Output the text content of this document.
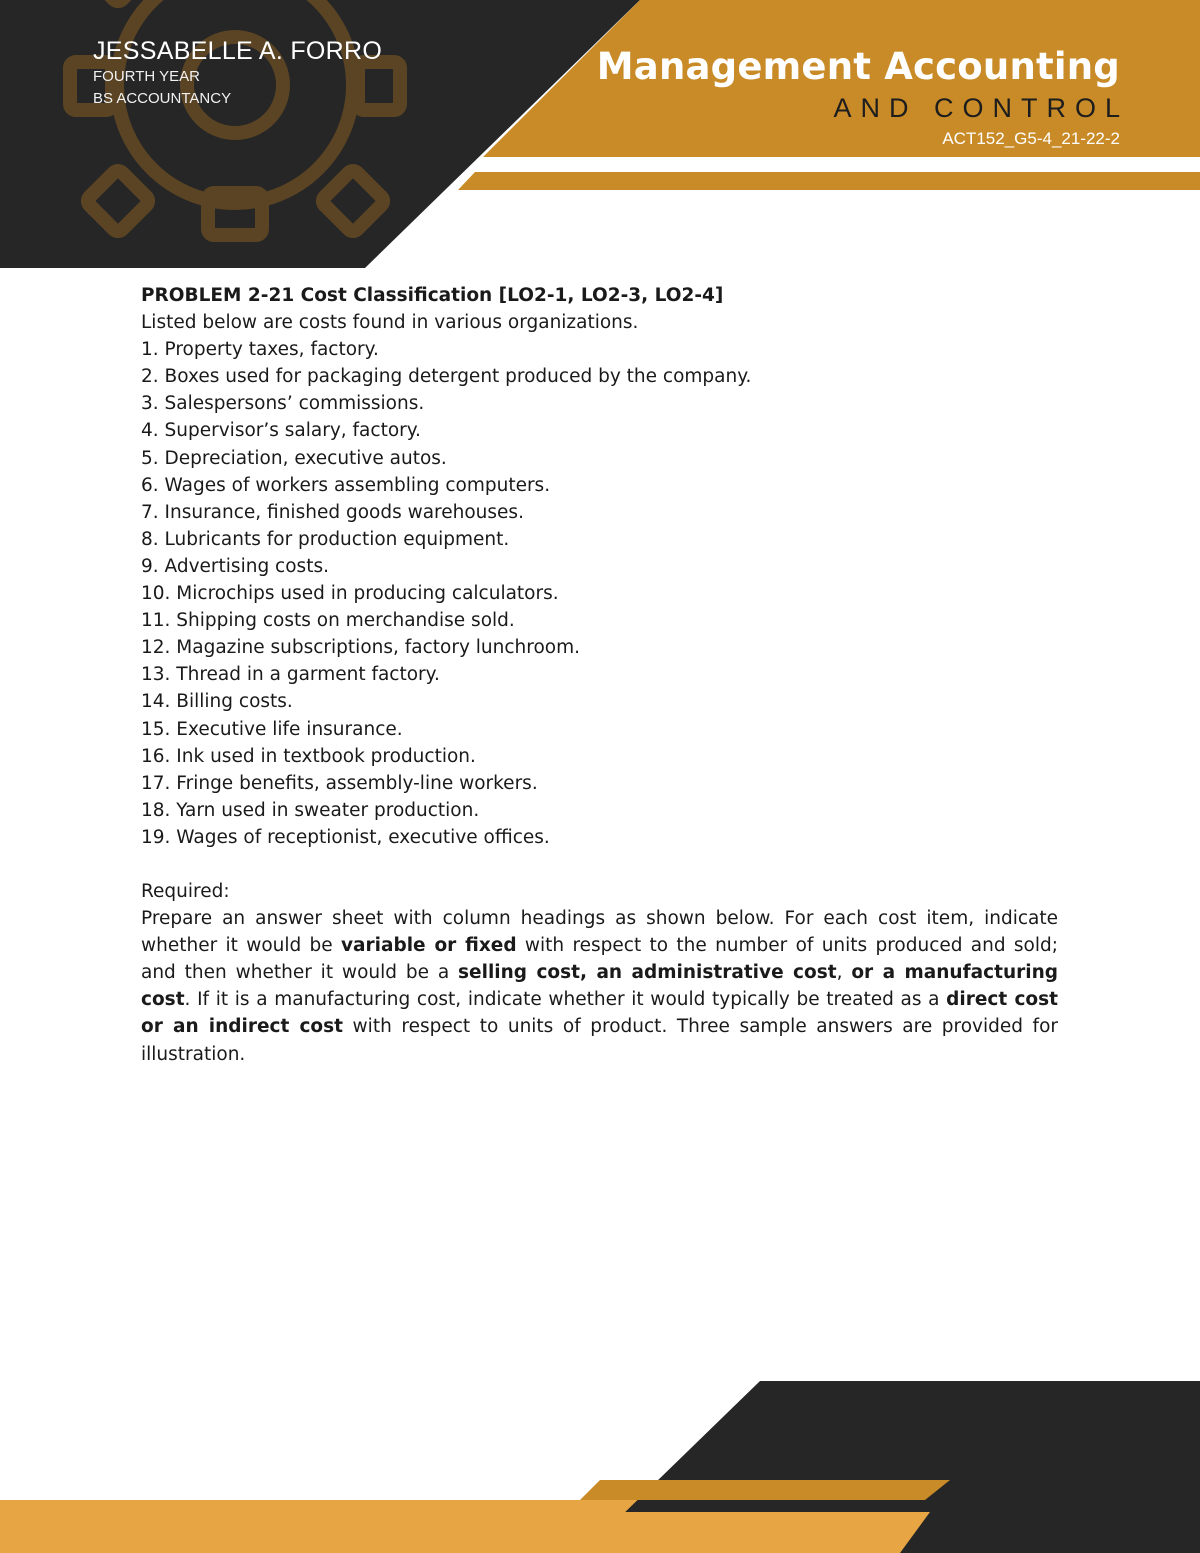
JESSABELLE A. FORRO
FOURTH YEAR
BS ACCOUNTANCY
Management Accounting
AND CONTROL
ACT152_G5-4_21-22-2

PROBLEM 2-21 Cost Classification [LO2-1, LO2-3, LO2-4]

Listed below are costs found in various organizations.

1. Property taxes, factory.
2. Boxes used for packaging detergent produced by the company.
3. Salespersons’ commissions.
4. Supervisor’s salary, factory.
5. Depreciation, executive autos.
6. Wages of workers assembling computers.
7. Insurance, finished goods warehouses.
8. Lubricants for production equipment.
9. Advertising costs.
10. Microchips used in producing calculators.
11. Shipping costs on merchandise sold.
12. Magazine subscriptions, factory lunchroom.
13. Thread in a garment factory.
14. Billing costs.
15. Executive life insurance.
16. Ink used in textbook production.
17. Fringe benefits, assembly-line workers.
18. Yarn used in sweater production.
19. Wages of receptionist, executive offices.

Required:

Prepare an answer sheet with column headings as shown below. For each cost item, indicate whether it would be variable or fixed with respect to the number of units produced and sold; and then whether it would be a selling cost, an administrative cost, or a manufacturing cost. If it is a manufacturing cost, indicate whether it would typically be treated as a direct cost or an indirect cost with respect to units of product. Three sample answers are provided for illustration.
